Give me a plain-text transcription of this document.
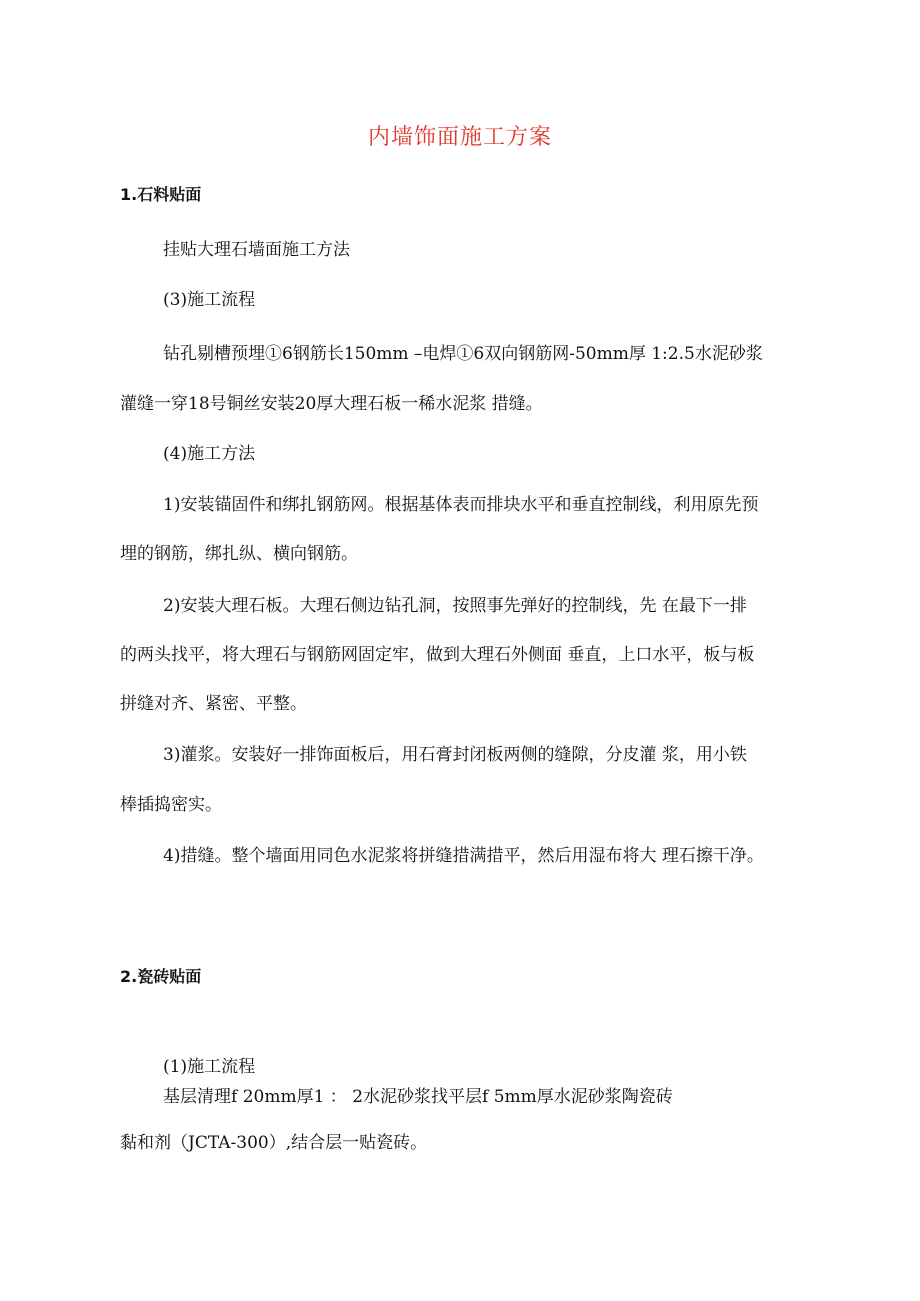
内墙饰面施工方案
1.石料贴面
挂贴大理石墙面施工方法
(3)施工流程
钻孔剔槽预埋①6钢筋长150mm –电焊①6双向钢筋网-50mm厚 1:2.5水泥砂浆
灌缝一穿18号铜丝安装20厚大理石板一稀水泥浆 措缝。
(4)施工方法
1)安装锚固件和绑扎钢筋网。根据基体表而排块水平和垂直控制线，利用原先预
埋的钢筋，绑扎纵、横向钢筋。
2)安装大理石板。大理石侧边钻孔洞，按照事先弹好的控制线，先 在最下一排
的两头找平，将大理石与钢筋网固定牢，做到大理石外侧面 垂直，上口水平，板与板
拼缝对齐、紧密、平整。
3)灌浆。安装好一排饰面板后，用石膏封闭板两侧的缝隙，分皮灌 浆，用小铁
棒插捣密实。
4)措缝。整个墙面用同色水泥浆将拼缝措满措平，然后用湿布将大 理石擦干净。
2.瓷砖贴面
(1)施工流程
基层清理f 20mm厚1 ： 2水泥砂浆找平层f 5mm厚水泥砂浆陶瓷砖
黏和剂（JCTA-300）,结合层一贴瓷砖。
